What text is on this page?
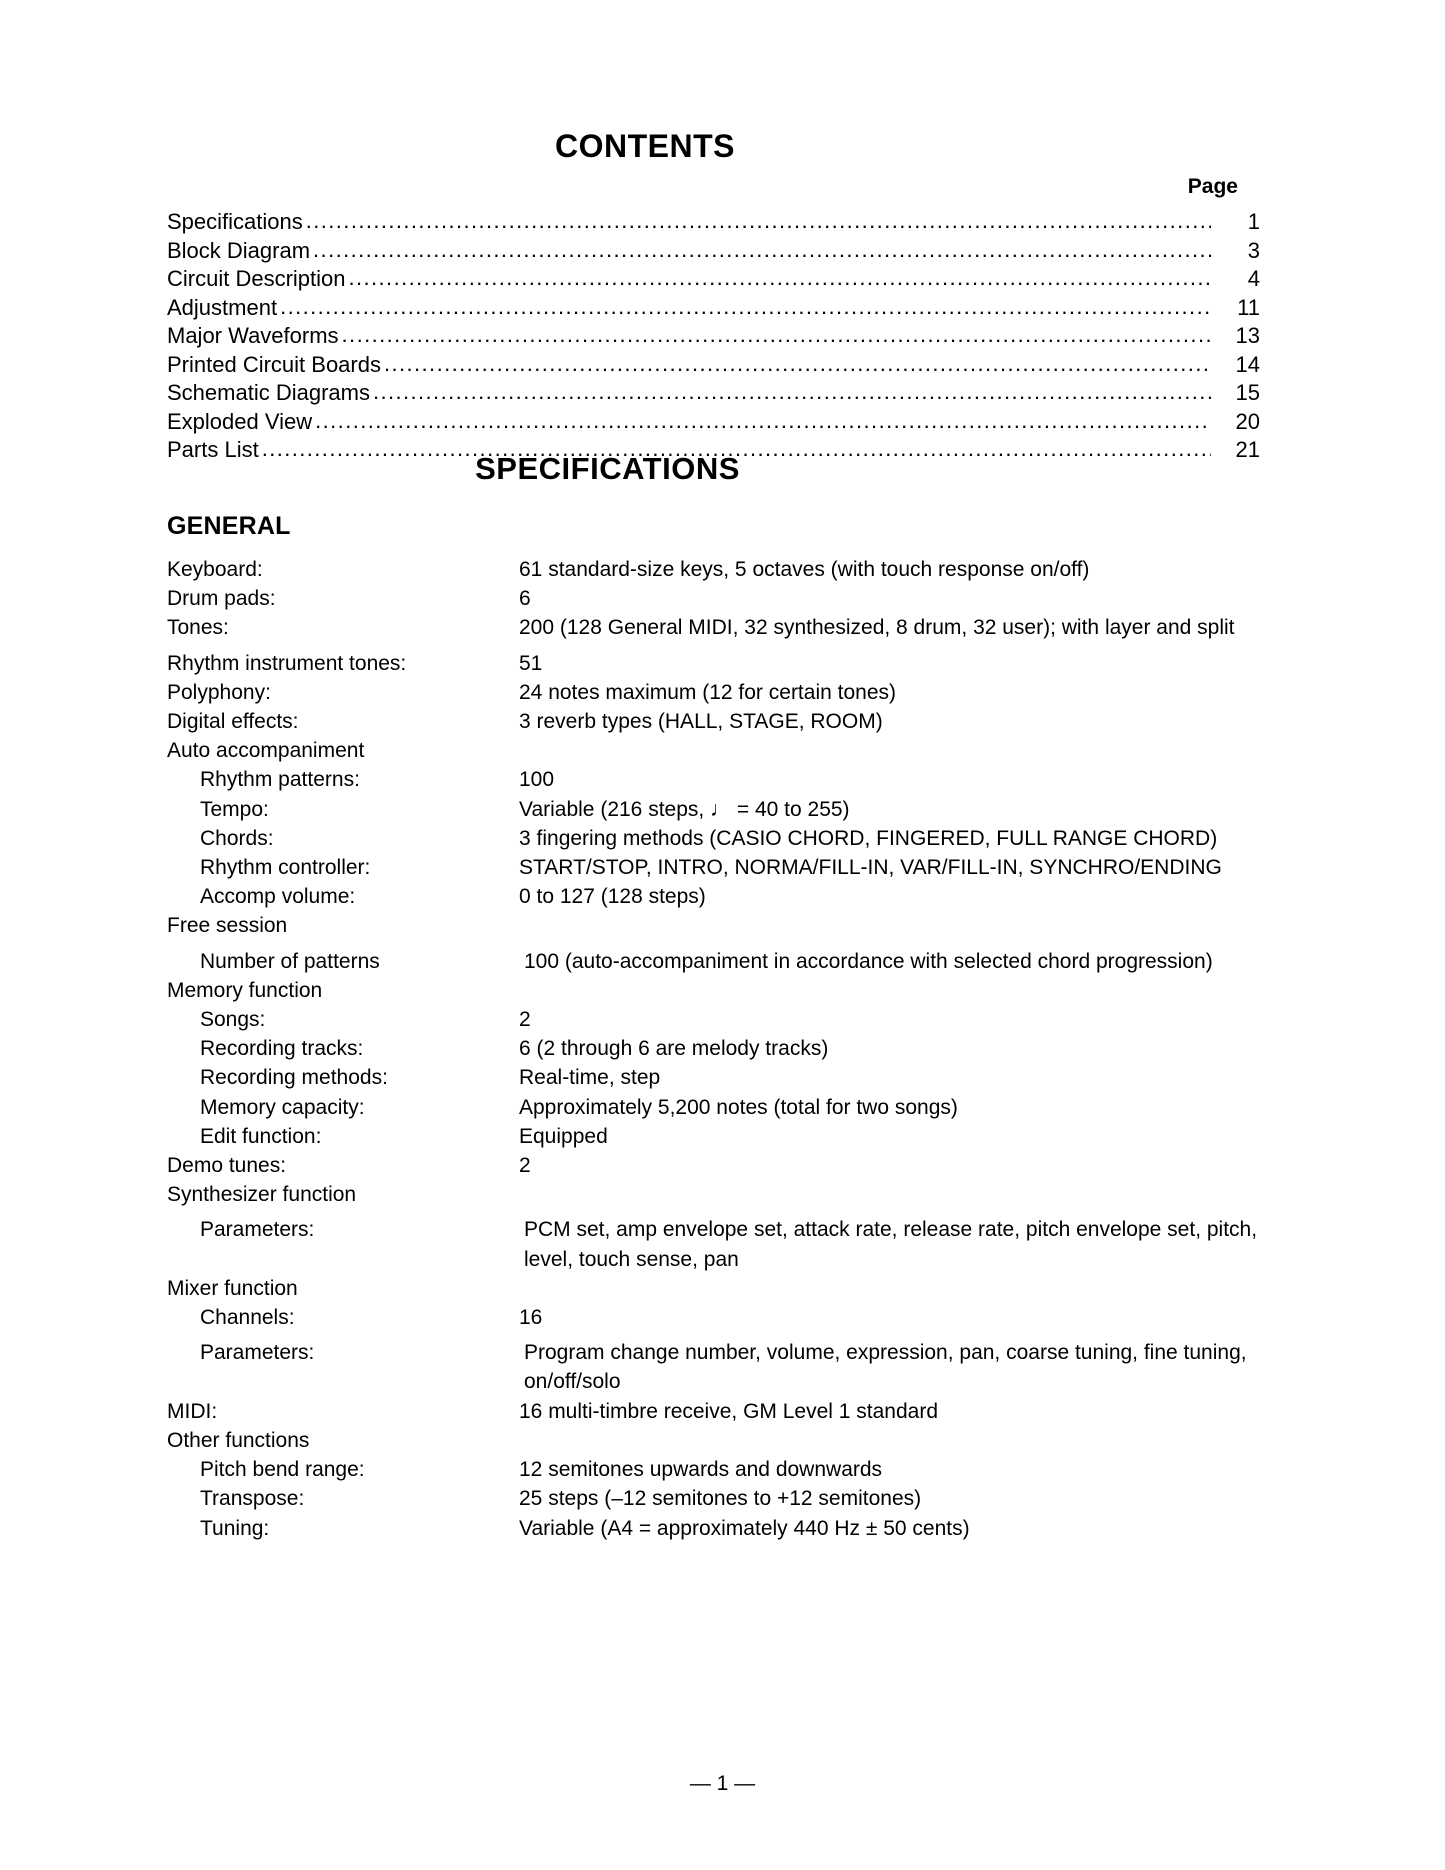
CONTENTS
Page
Specifications .....	1
Block Diagram .....	3
Circuit Description .....	4
Adjustment .....	11
Major Waveforms .....	13
Printed Circuit Boards .....	14
Schematic Diagrams .....	15
Exploded View .....	20
Parts List .....	21
SPECIFICATIONS
GENERAL
Keyboard:	61 standard-size keys, 5 octaves (with touch response on/off)
Drum pads:	6
Tones:	200 (128 General MIDI, 32 synthesized, 8 drum, 32 user); with layer and split
Rhythm instrument tones:	51
Polyphony:	24 notes maximum (12 for certain tones)
Digital effects:	3 reverb types (HALL, STAGE, ROOM)
Auto accompaniment
Rhythm patterns:	100
Tempo:	Variable (216 steps, ♩ = 40 to 255)
Chords:	3 fingering methods (CASIO CHORD, FINGERED, FULL RANGE CHORD)
Rhythm controller:	START/STOP, INTRO, NORMA/FILL-IN, VAR/FILL-IN, SYNCHRO/ENDING
Accomp volume:	0 to 127 (128 steps)
Free session
Number of patterns	100 (auto-accompaniment in accordance with selected chord progression)
Memory function
Songs:	2
Recording tracks:	6 (2 through 6 are melody tracks)
Recording methods:	Real-time, step
Memory capacity:	Approximately 5,200 notes (total for two songs)
Edit function:	Equipped
Demo tunes:	2
Synthesizer function
Parameters:	PCM set, amp envelope set, attack rate, release rate, pitch envelope set, pitch, level, touch sense, pan
Mixer function
Channels:	16
Parameters:	Program change number, volume, expression, pan, coarse tuning, fine tuning, on/off/solo
MIDI:	16 multi-timbre receive, GM Level 1 standard
Other functions
Pitch bend range:	12 semitones upwards and downwards
Transpose:	25 steps (–12 semitones to +12 semitones)
Tuning:	Variable (A4 = approximately 440 Hz ± 50 cents)
— 1 —
